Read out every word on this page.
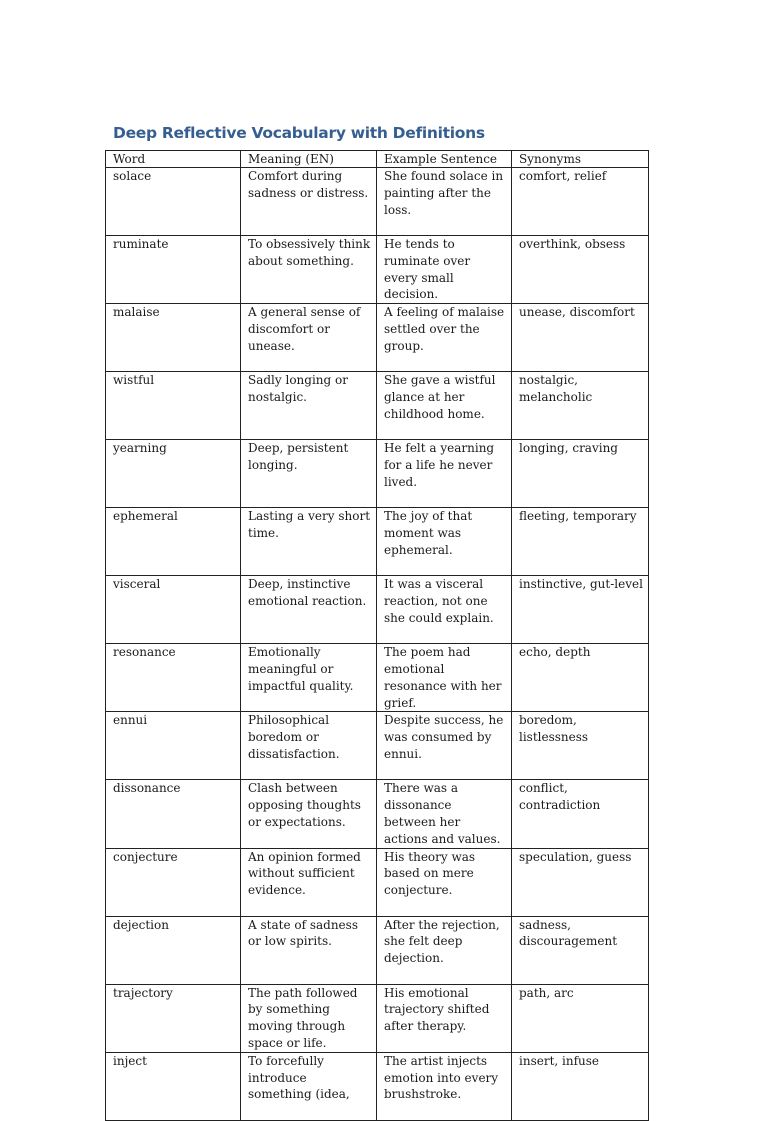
Deep Reflective Vocabulary with Definitions
Word	Meaning (EN)	Example Sentence	Synonyms
solace	Comfort during sadness or distress.	She found solace in painting after the loss.	comfort, relief
ruminate	To obsessively think about something.	He tends to ruminate over every small decision.	overthink, obsess
malaise	A general sense of discomfort or unease.	A feeling of malaise settled over the group.	unease, discomfort
wistful	Sadly longing or nostalgic.	She gave a wistful glance at her childhood home.	nostalgic, melancholic
yearning	Deep, persistent longing.	He felt a yearning for a life he never lived.	longing, craving
ephemeral	Lasting a very short time.	The joy of that moment was ephemeral.	fleeting, temporary
visceral	Deep, instinctive emotional reaction.	It was a visceral reaction, not one she could explain.	instinctive, gut-level
resonance	Emotionally meaningful or impactful quality.	The poem had emotional resonance with her grief.	echo, depth
ennui	Philosophical boredom or dissatisfaction.	Despite success, he was consumed by ennui.	boredom, listlessness
dissonance	Clash between opposing thoughts or expectations.	There was a dissonance between her actions and values.	conflict, contradiction
conjecture	An opinion formed without sufficient evidence.	His theory was based on mere conjecture.	speculation, guess
dejection	A state of sadness or low spirits.	After the rejection, she felt deep dejection.	sadness, discouragement
trajectory	The path followed by something moving through space or life.	His emotional trajectory shifted after therapy.	path, arc
inject	To forcefully introduce something (idea,	The artist injects emotion into every brushstroke.	insert, infuse
